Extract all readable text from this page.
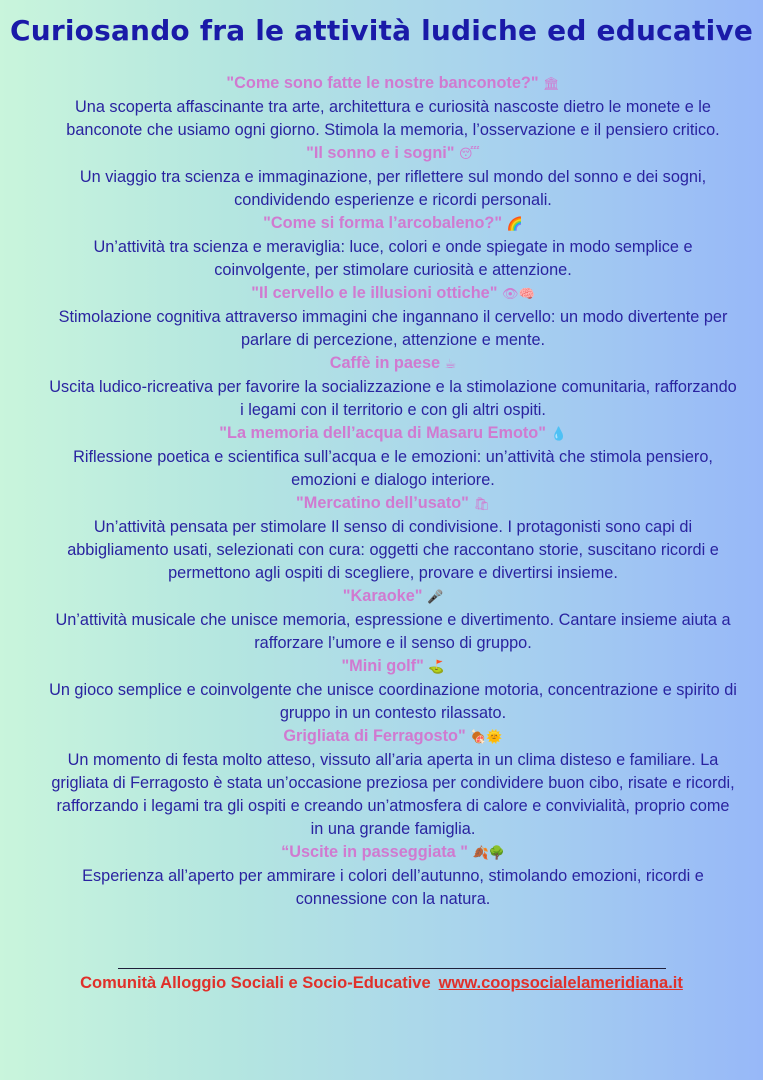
Curiosando fra le attività ludiche ed educative

"Come sono fatte le nostre banconote?" 🏛

Una scoperta affascinante tra arte, architettura e curiosità nascoste dietro le monete e le banconote che usiamo ogni giorno. Stimola la memoria, l’osservazione e il pensiero critico.

"Il sonno e i sogni" 😴

Un viaggio tra scienza e immaginazione, per riflettere sul mondo del sonno e dei sogni, condividendo esperienze e ricordi personali.

"Come si forma l’arcobaleno?" 🌈

Un’attività tra scienza e meraviglia: luce, colori e onde spiegate in modo semplice e coinvolgente, per stimolare curiosità e attenzione.

"Il cervello e le illusioni ottiche" 👁🧠

Stimolazione cognitiva attraverso immagini che ingannano il cervello: un modo divertente per parlare di percezione, attenzione e mente.

Caffè in paese ☕

Uscita ludico-ricreativa per favorire la socializzazione e la stimolazione comunitaria, rafforzando i legami con il territorio e con gli altri ospiti.

"La memoria dell’acqua di Masaru Emoto" 💧

Riflessione poetica e scientifica sull’acqua e le emozioni: un’attività che stimola pensiero, emozioni e dialogo interiore.

"Mercatino dell’usato" 🛍

Un’attività pensata per stimolare Il senso di condivisione. I protagonisti sono capi di abbigliamento usati, selezionati con cura: oggetti che raccontano storie, suscitano ricordi e permettono agli ospiti di scegliere, provare e divertirsi insieme.

"Karaoke" 🎤

Un’attività musicale che unisce memoria, espressione e divertimento. Cantare insieme aiuta a rafforzare l’umore e il senso di gruppo.

"Mini golf" ⛳

Un gioco semplice e coinvolgente che unisce coordinazione motoria, concentrazione e spirito di gruppo in un contesto rilassato.

Grigliata di Ferragosto" 🍖🌞

Un momento di festa molto atteso, vissuto all’aria aperta in un clima disteso e familiare. La grigliata di Ferragosto è stata un’occasione preziosa per condividere buon cibo, risate e ricordi, rafforzando i legami tra gli ospiti e creando un’atmosfera di calore e convivialità, proprio come in una grande famiglia.

“Uscite in passeggiata " 🍂🌳

Esperienza all’aperto per ammirare i colori dell’autunno, stimolando emozioni, ricordi e connessione con la natura.

Comunità Alloggio Sociali e Socio-Educative www.coopsocialelameridiana.it
